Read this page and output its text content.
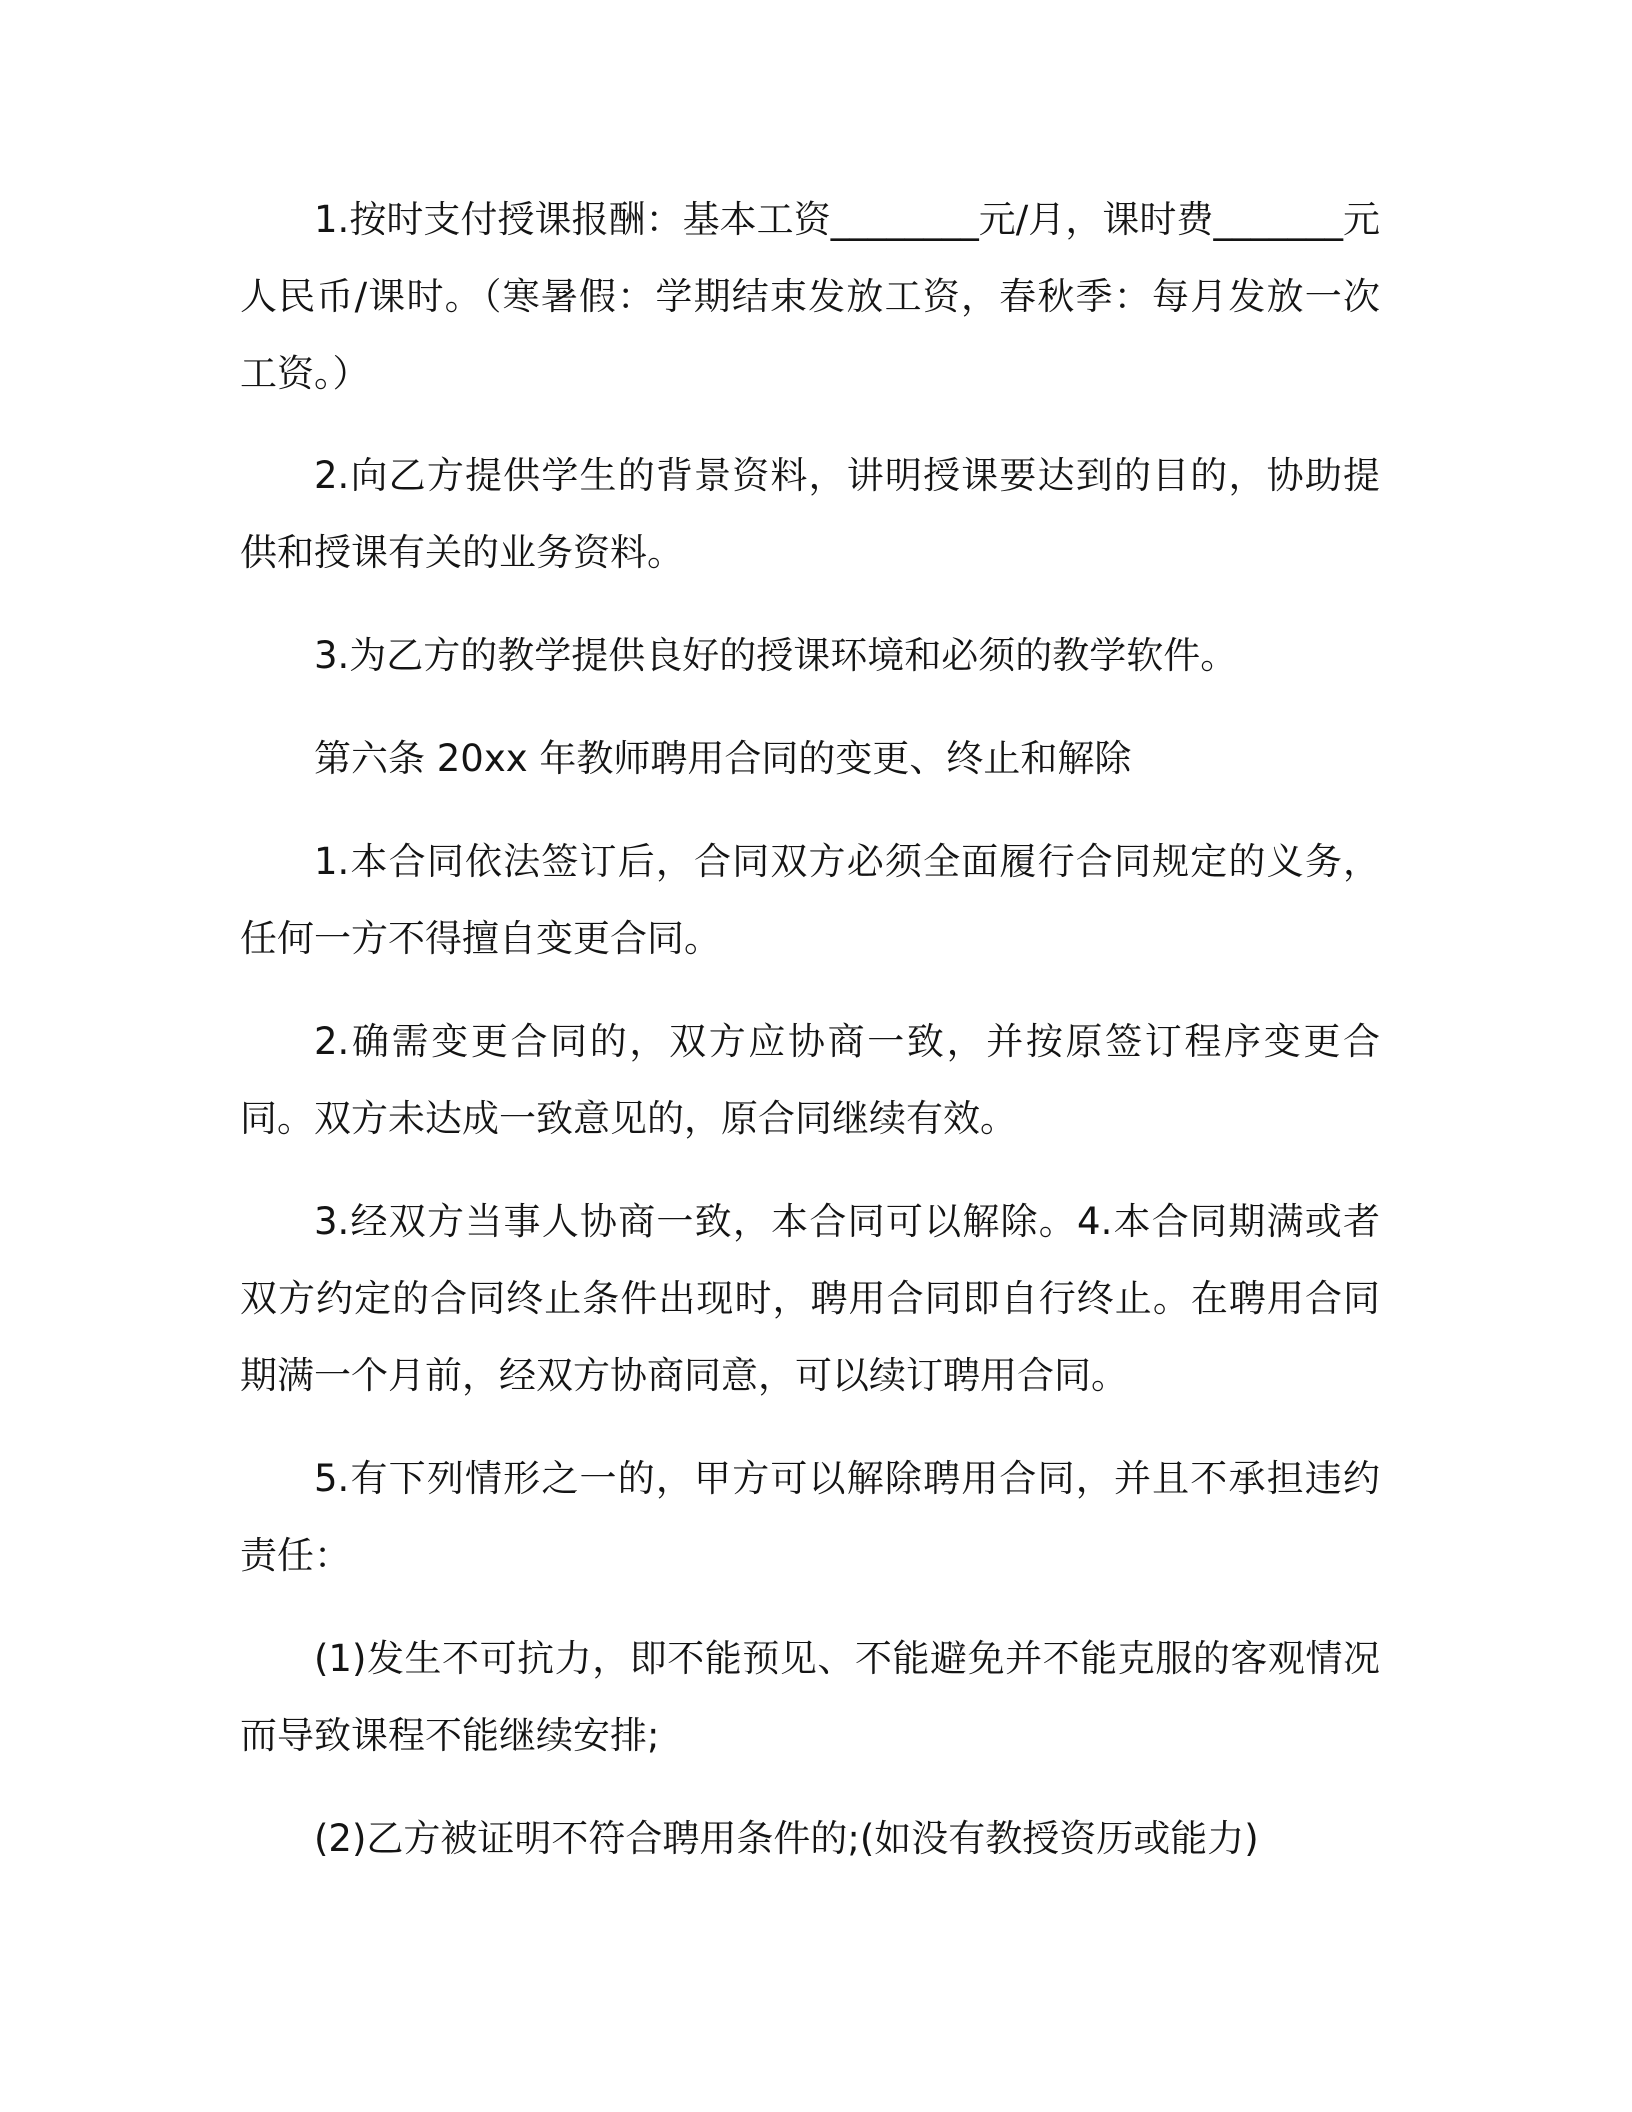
1.按时支付授课报酬：基本工资________元/月，课时费_______元人民币/课时。（寒暑假：学期结束发放工资，春秋季：每月发放一次工资。）

2.向乙方提供学生的背景资料，讲明授课要达到的目的，协助提供和授课有关的业务资料。

3.为乙方的教学提供良好的授课环境和必须的教学软件。

第六条 20xx 年教师聘用合同的变更、终止和解除

1.本合同依法签订后，合同双方必须全面履行合同规定的义务，任何一方不得擅自变更合同。

2.确需变更合同的，双方应协商一致，并按原签订程序变更合同。双方未达成一致意见的，原合同继续有效。

3.经双方当事人协商一致，本合同可以解除。4.本合同期满或者双方约定的合同终止条件出现时，聘用合同即自行终止。在聘用合同期满一个月前，经双方协商同意，可以续订聘用合同。

5.有下列情形之一的，甲方可以解除聘用合同，并且不承担违约责任：

(1)发生不可抗力，即不能预见、不能避免并不能克服的客观情况而导致课程不能继续安排;

(2)乙方被证明不符合聘用条件的;(如没有教授资历或能力)
